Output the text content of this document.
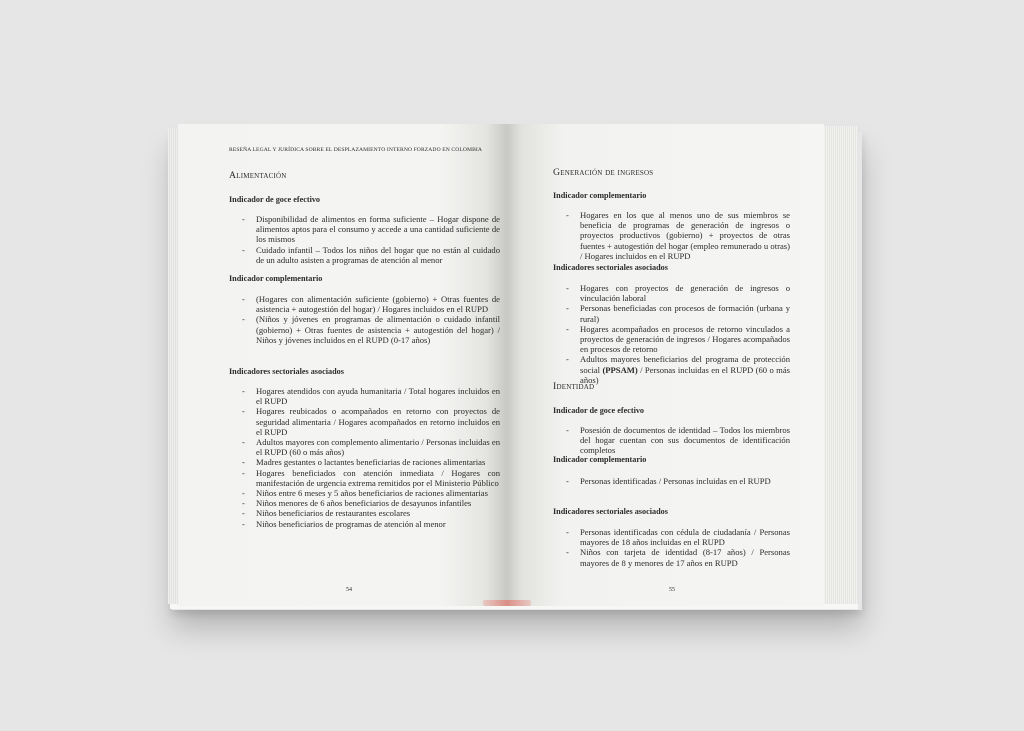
RESEÑA LEGAL Y JURÍDICA SOBRE EL DESPLAZAMIENTO INTERNO FORZADO EN COLOMBIA
Alimentación
Indicador de goce efectivo
- Disponibilidad de alimentos en forma suficiente – Hogar dispone de alimentos aptos para el consumo y accede a una cantidad suficiente de los mismos
- Cuidado infantil – Todos los niños del hogar que no están al cuidado de un adulto asisten a programas de atención al menor
Indicador complementario
- (Hogares con alimentación suficiente (gobierno) + Otras fuentes de asistencia + autogestión del hogar) / Hogares incluidos en el RUPD
- (Niños y jóvenes en programas de alimentación o cuidado infantil (gobierno) + Otras fuentes de asistencia + autogestión del hogar) / Niños y jóvenes incluidos en el RUPD (0-17 años)
Indicadores sectoriales asociados
- Hogares atendidos con ayuda humanitaria / Total hogares incluidos en el RUPD
- Hogares reubicados o acompañados en retorno con proyectos de seguridad alimentaria / Hogares acompañados en retorno incluidos en el RUPD
- Adultos mayores con complemento alimentario / Personas incluidas en el RUPD (60 o más años)
- Madres gestantes o lactantes beneficiarias de raciones alimentarias
- Hogares beneficiados con atención inmediata / Hogares con manifestación de urgencia extrema remitidos por el Ministerio Público
- Niños entre 6 meses y 5 años beneficiarios de raciones alimentarias
- Niños menores de 6 años beneficiarios de desayunos infantiles
- Niños beneficiarios de restaurantes escolares
- Niños beneficiarios de programas de atención al menor
54
Generación de ingresos
Indicador complementario
- Hogares en los que al menos uno de sus miembros se beneficia de programas de generación de ingresos o proyectos productivos (gobierno) + proyectos de otras fuentes + autogestión del hogar (empleo remunerado u otras) / Hogares incluidos en el RUPD
Indicadores sectoriales asociados
- Hogares con proyectos de generación de ingresos o vinculación laboral
- Personas beneficiadas con procesos de formación (urbana y rural)
- Hogares acompañados en procesos de retorno vinculados a proyectos de generación de ingresos / Hogares acompañados en procesos de retorno
- Adultos mayores beneficiarios del programa de protección social (PPSAM) / Personas incluidas en el RUPD (60 o más años)
Identidad
Indicador de goce efectivo
- Posesión de documentos de identidad – Todos los miembros del hogar cuentan con sus documentos de identificación completos
Indicador complementario
- Personas identificadas / Personas incluidas en el RUPD
Indicadores sectoriales asociados
- Personas identificadas con cédula de ciudadanía / Personas mayores de 18 años incluidas en el RUPD
- Niños con tarjeta de identidad (8-17 años) / Personas mayores de 8 y menores de 17 años en RUPD
55
